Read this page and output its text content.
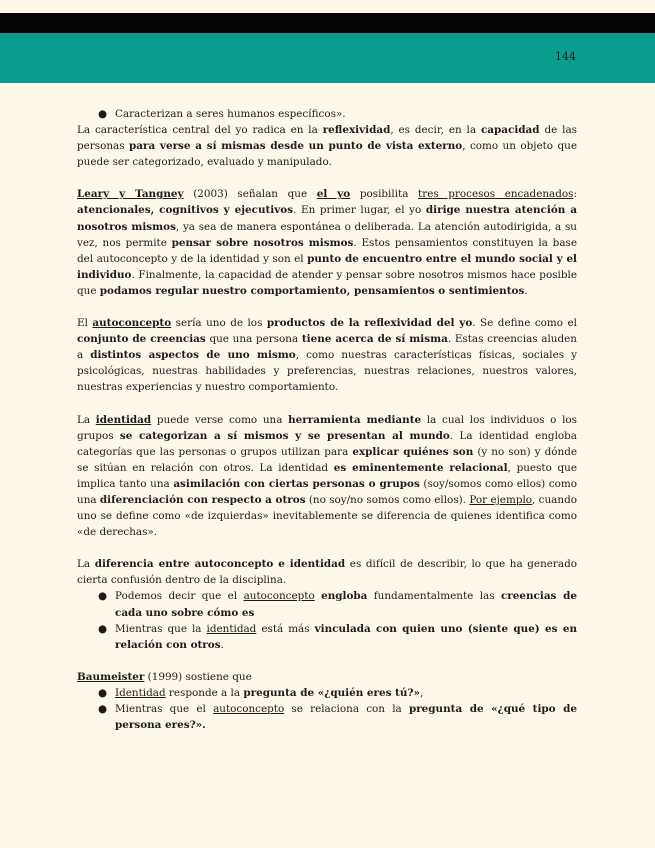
144
● Caracterizan a seres humanos específicos».

La característica central del yo radica en la reflexividad, es decir, en la capacidad de las personas para verse a sí mismas desde un punto de vista externo, como un objeto que puede ser categorizado, evaluado y manipulado.

Leary y Tangney (2003) señalan que el yo posibilita tres procesos encadenados: atencionales, cognitivos y ejecutivos. En primer lugar, el yo dirige nuestra atención a nosotros mismos, ya sea de manera espontánea o deliberada. La atención autodirigida, a su vez, nos permite pensar sobre nosotros mismos. Estos pensamientos constituyen la base del autoconcepto y de la identidad y son el punto de encuentro entre el mundo social y el individuo. Finalmente, la capacidad de atender y pensar sobre nosotros mismos hace posible que podamos regular nuestro comportamiento, pensamientos o sentimientos.

El autoconcepto sería uno de los productos de la reflexividad del yo. Se define como el conjunto de creencias que una persona tiene acerca de sí misma. Estas creencias aluden a distintos aspectos de uno mismo, como nuestras características físicas, sociales y psicológicas, nuestras habilidades y preferencias, nuestras relaciones, nuestros valores, nuestras experiencias y nuestro comportamiento.

La identidad puede verse como una herramienta mediante la cual los individuos o los grupos se categorizan a sí mismos y se presentan al mundo. La identidad engloba categorías que las personas o grupos utilizan para explicar quiénes son (y no son) y dónde se sitúan en relación con otros. La identidad es eminentemente relacional, puesto que implica tanto una asimilación con ciertas personas o grupos (soy/somos como ellos) como una diferenciación con respecto a otros (no soy/no somos como ellos). Por ejemplo, cuando uno se define como «de izquierdas» inevitablemente se diferencia de quienes identifica como «de derechas».

La diferencia entre autoconcepto e identidad es difícil de describir, lo que ha generado cierta confusión dentro de la disciplina.

● Podemos decir que el autoconcepto engloba fundamentalmente las creencias de cada uno sobre cómo es
● Mientras que la identidad está más vinculada con quien uno (siente que) es en relación con otros.

Baumeister (1999) sostiene que

● Identidad responde a la pregunta de «¿quién eres tú?»,
● Mientras que el autoconcepto se relaciona con la pregunta de «¿qué tipo de persona eres?».
